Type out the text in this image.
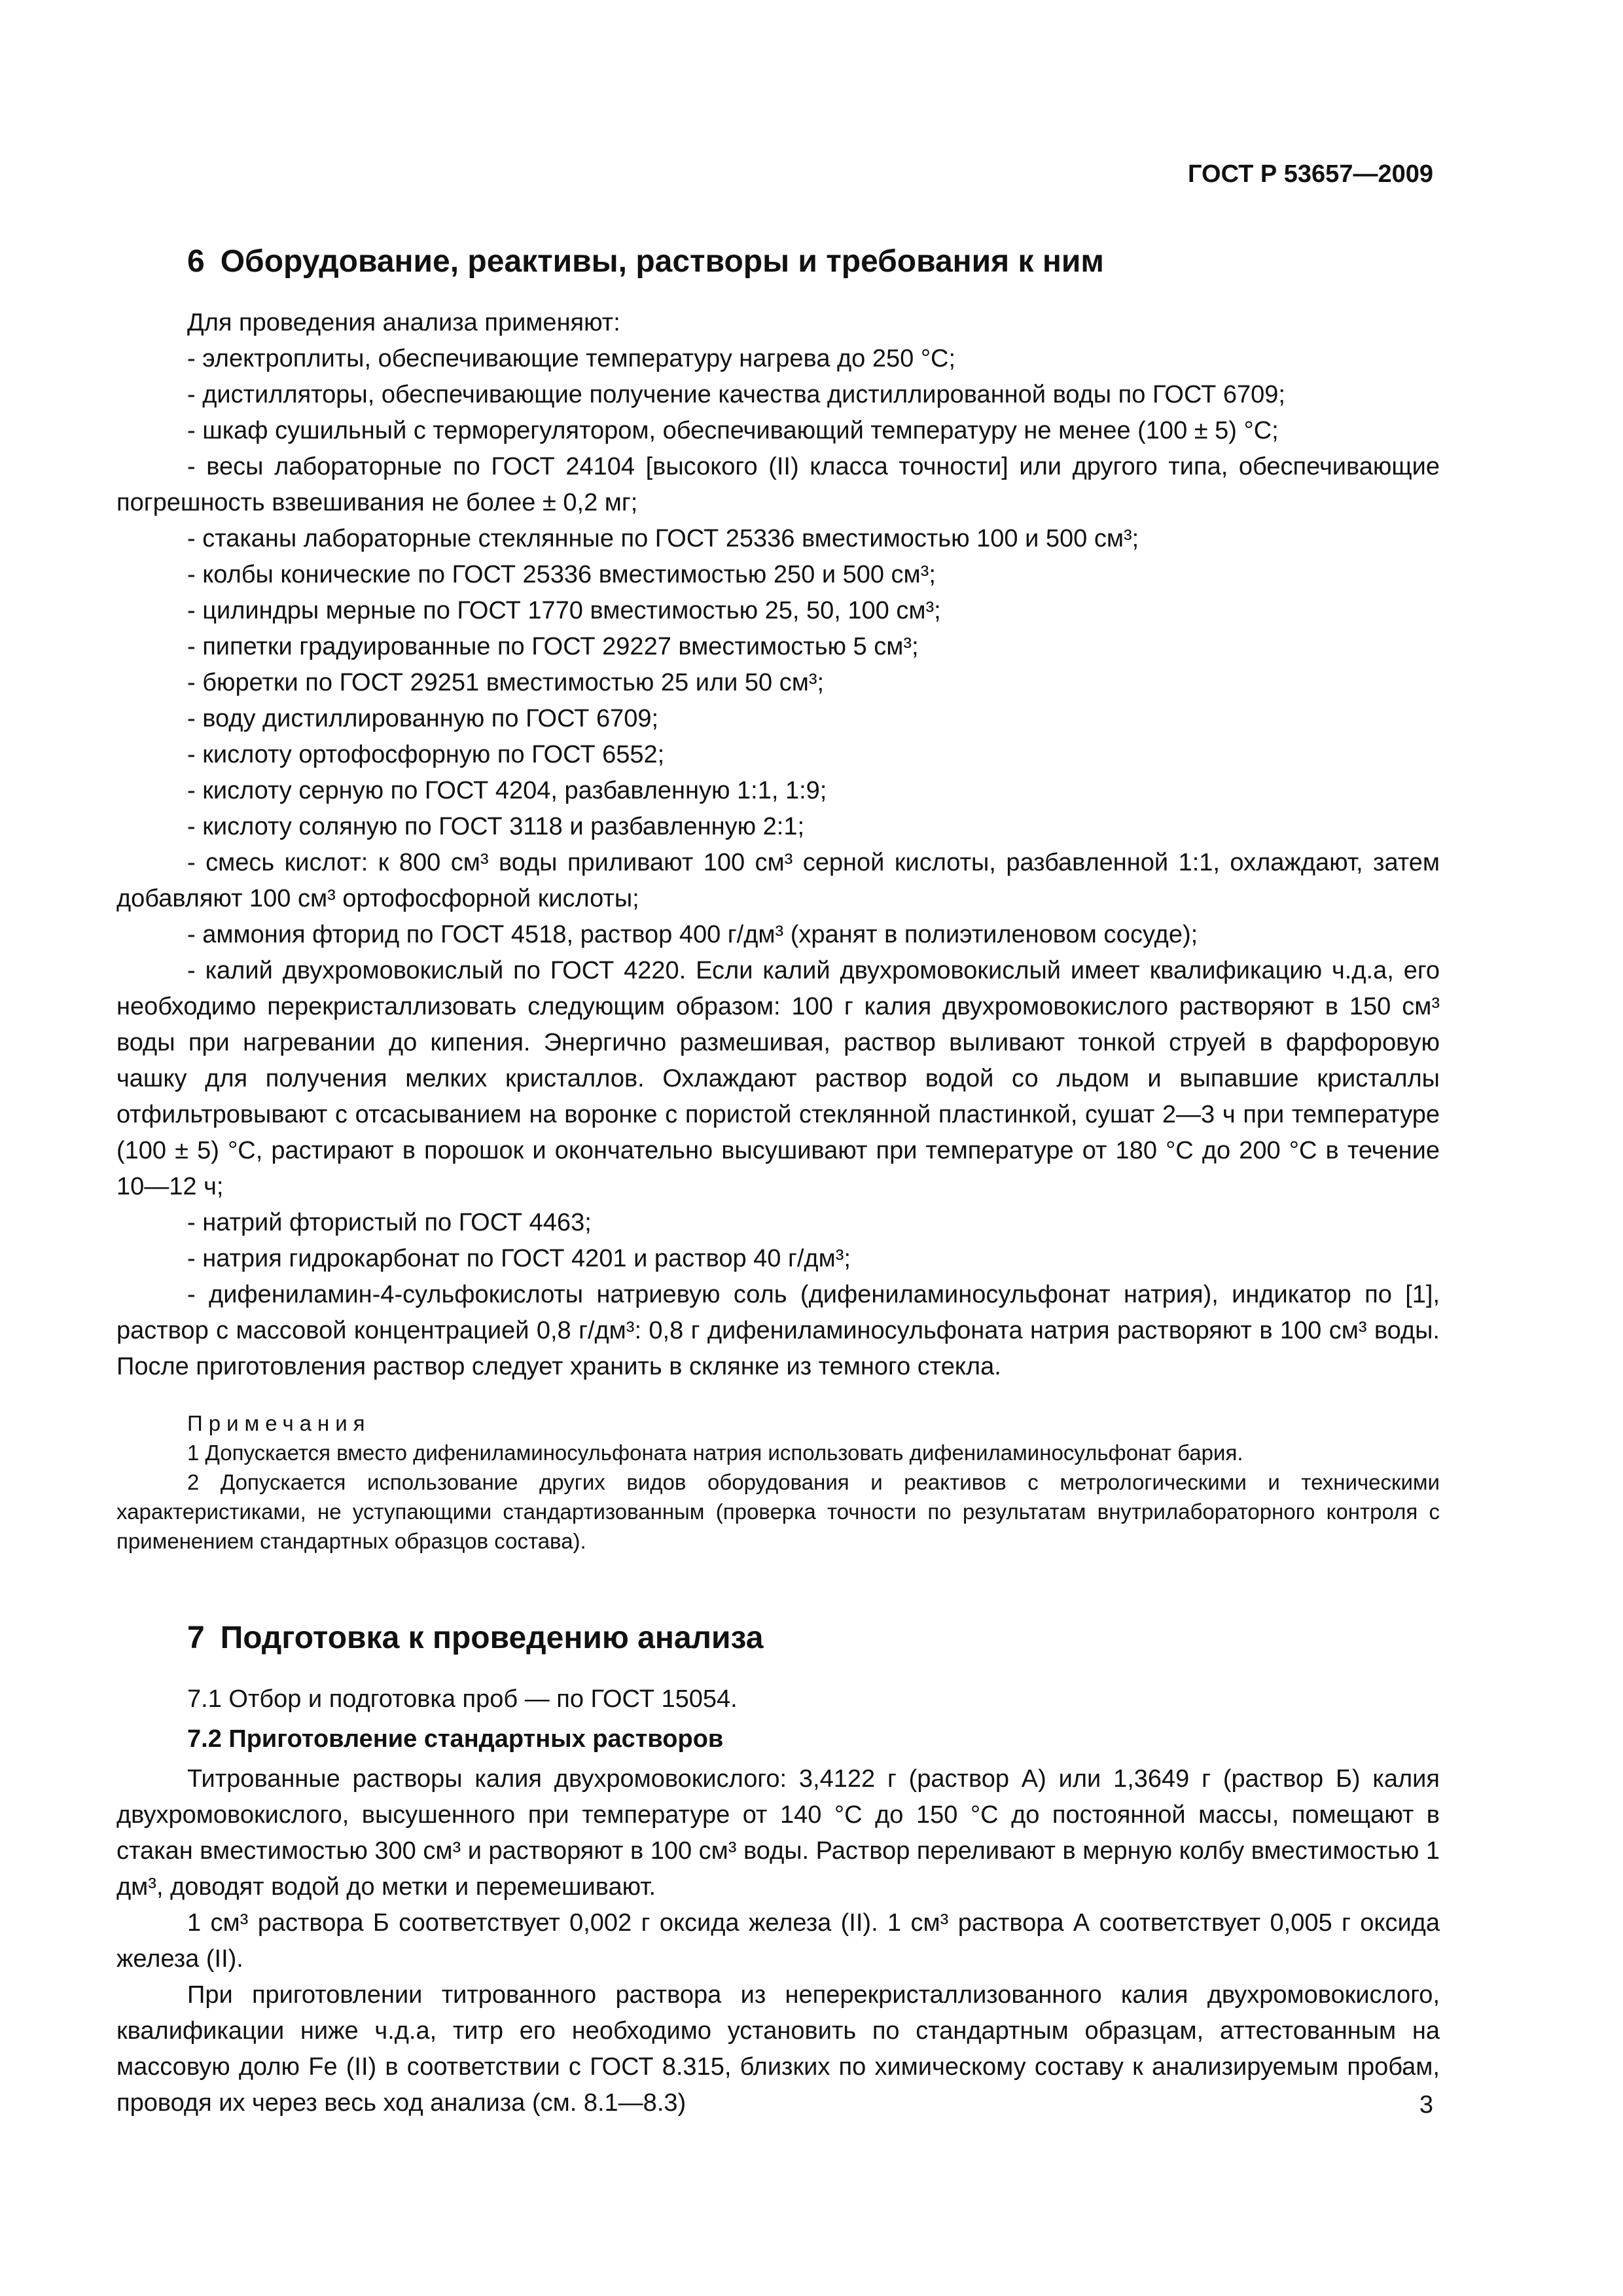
ГОСТ Р 53657—2009
6 Оборудование, реактивы, растворы и требования к ним

Для проведения анализа применяют:

- электроплиты, обеспечивающие температуру нагрева до 250 °С;

- дистилляторы, обеспечивающие получение качества дистиллированной воды по ГОСТ 6709;

- шкаф сушильный с терморегулятором, обеспечивающий температуру не менее (100 ± 5) °С;

- весы лабораторные по ГОСТ 24104 [высокого (II) класса точности] или другого типа, обеспечивающие погрешность взвешивания не более ± 0,2 мг;

- стаканы лабораторные стеклянные по ГОСТ 25336 вместимостью 100 и 500 см³;

- колбы конические по ГОСТ 25336 вместимостью 250 и 500 см³;

- цилиндры мерные по ГОСТ 1770 вместимостью 25, 50, 100 см³;

- пипетки градуированные по ГОСТ 29227 вместимостью 5 см³;

- бюретки по ГОСТ 29251 вместимостью 25 или 50 см³;

- воду дистиллированную по ГОСТ 6709;

- кислоту ортофосфорную по ГОСТ 6552;

- кислоту серную по ГОСТ 4204, разбавленную 1:1, 1:9;

- кислоту соляную по ГОСТ 3118 и разбавленную 2:1;

- смесь кислот: к 800 см³ воды приливают 100 см³ серной кислоты, разбавленной 1:1, охлаждают, затем добавляют 100 см³ ортофосфорной кислоты;

- аммония фторид по ГОСТ 4518, раствор 400 г/дм³ (хранят в полиэтиленовом сосуде);

- калий двухромовокислый по ГОСТ 4220. Если калий двухромовокислый имеет квалификацию ч.д.а, его необходимо перекристаллизовать следующим образом: 100 г калия двухромовокислого растворяют в 150 см³ воды при нагревании до кипения. Энергично размешивая, раствор выливают тонкой струей в фарфоровую чашку для получения мелких кристаллов. Охлаждают раствор водой со льдом и выпавшие кристаллы отфильтровывают с отсасыванием на воронке с пористой стеклянной пластинкой, сушат 2—3 ч при температуре (100 ± 5) °С, растирают в порошок и окончательно высушивают при температуре от 180 °С до 200 °С в течение 10—12 ч;

- натрий фтористый по ГОСТ 4463;

- натрия гидрокарбонат по ГОСТ 4201 и раствор 40 г/дм³;

- дифениламин-4-сульфокислоты натриевую соль (дифениламиносульфонат натрия), индикатор по [1], раствор с массовой концентрацией 0,8 г/дм³: 0,8 г дифениламиносульфоната натрия растворяют в 100 см³ воды. После приготовления раствор следует хранить в склянке из темного стекла.

Примечания

1 Допускается вместо дифениламиносульфоната натрия использовать дифениламиносульфонат бария.

2 Допускается использование других видов оборудования и реактивов с метрологическими и техническими характеристиками, не уступающими стандартизованным (проверка точности по результатам внутрилабораторного контроля с применением стандартных образцов состава).

7 Подготовка к проведению анализа

7.1 Отбор и подготовка проб — по ГОСТ 15054.

7.2 Приготовление стандартных растворов

Титрованные растворы калия двухромовокислого: 3,4122 г (раствор А) или 1,3649 г (раствор Б) калия двухромовокислого, высушенного при температуре от 140 °С до 150 °С до постоянной массы, помещают в стакан вместимостью 300 см³ и растворяют в 100 см³ воды. Раствор переливают в мерную колбу вместимостью 1 дм³, доводят водой до метки и перемешивают.

1 см³ раствора Б соответствует 0,002 г оксида железа (II). 1 см³ раствора А соответствует 0,005 г оксида железа (II).

При приготовлении титрованного раствора из неперекристаллизованного калия двухромовокислого, квалификации ниже ч.д.а, титр его необходимо установить по стандартным образцам, аттестованным на массовую долю Fe (II) в соответствии с ГОСТ 8.315, близких по химическому составу к анализируемым пробам, проводя их через весь ход анализа (см. 8.1—8.3)	3
